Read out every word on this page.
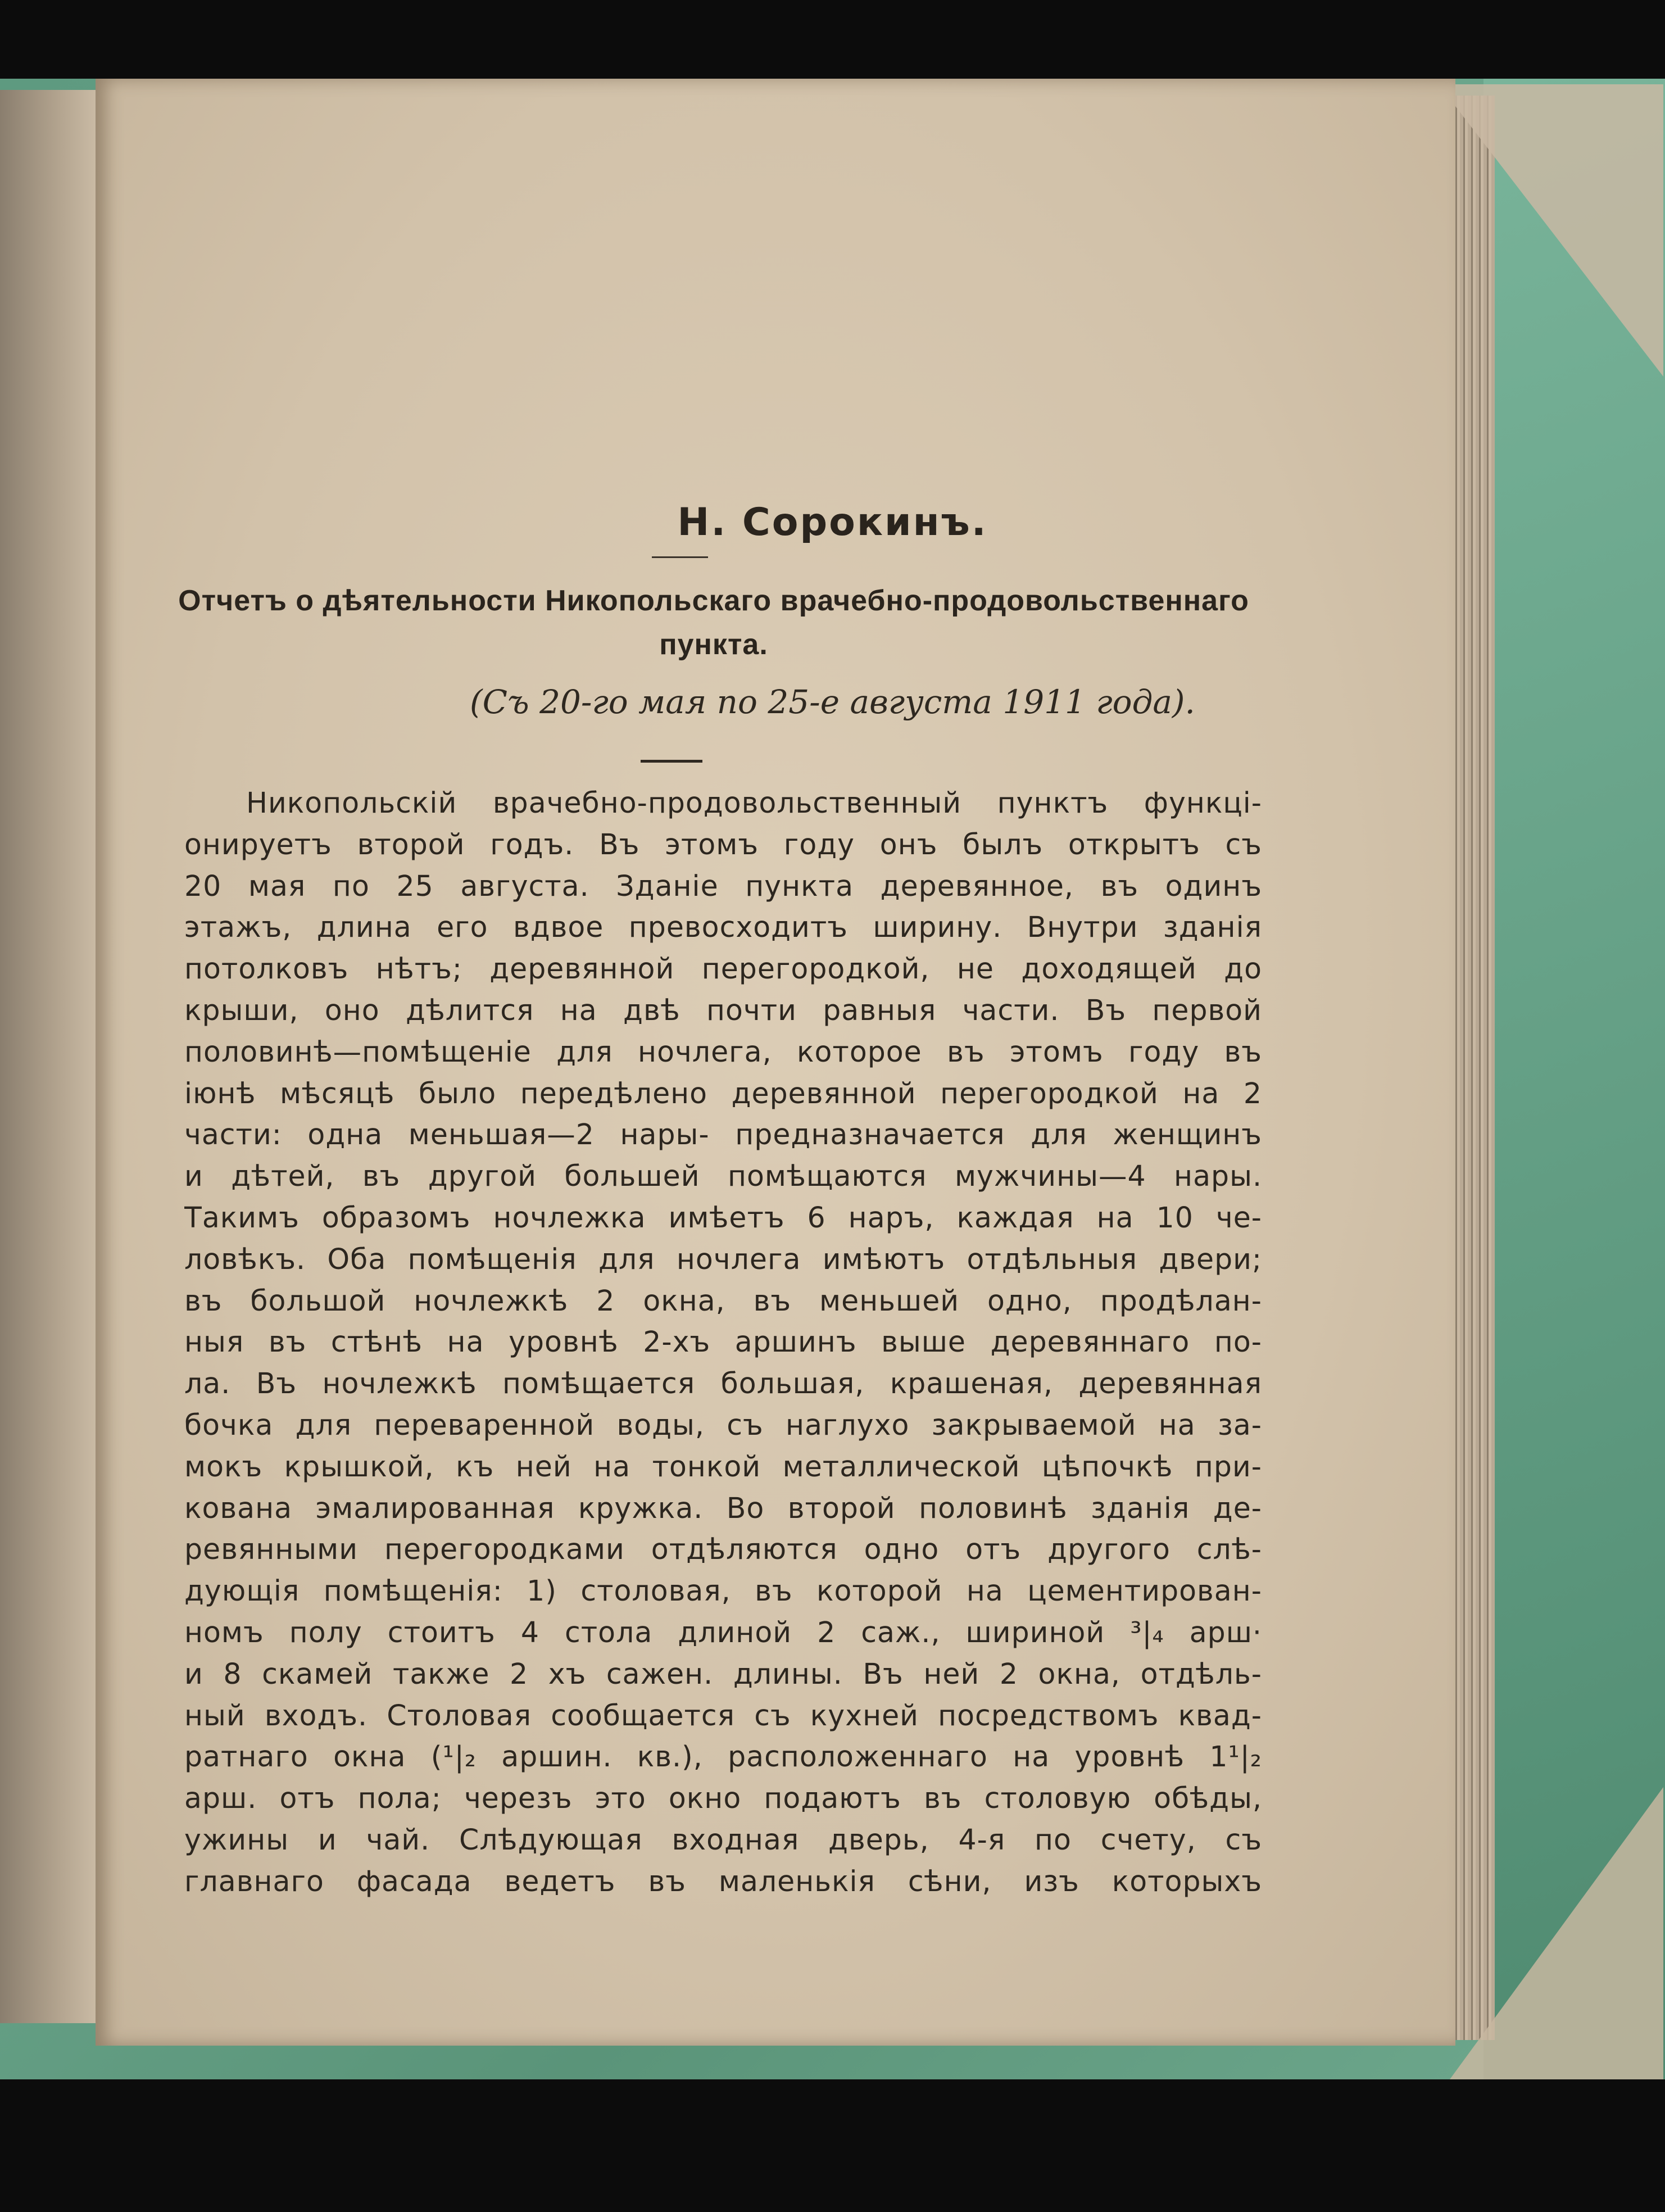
Н. Сорокинъ.
Отчетъ о дѣятельности Никопольскаго врачебно-продовольственнаго пункта.
(Съ 20-го мая по 25-е августа 1911 года).
Никопольскій врачебно-продовольственный пунктъ функці-
онируетъ второй годъ. Въ этомъ году онъ былъ открытъ съ
20 мая по 25 августа. Зданіе пункта деревянное, въ одинъ
этажъ, длина его вдвое превосходитъ ширину. Внутри зданія
потолковъ нѣтъ; деревянной перегородкой, не доходящей до
крыши, оно дѣлится на двѣ почти равныя части. Въ первой
половинѣ—помѣщеніе для ночлега, которое въ этомъ году въ
іюнѣ мѣсяцѣ было передѣлено деревянной перегородкой на 2
части: одна меньшая—2 нары- предназначается для женщинъ
и дѣтей, въ другой большей помѣщаются мужчины—4 нары.
Такимъ образомъ ночлежка имѣетъ 6 наръ, каждая на 10 че-
ловѣкъ. Оба помѣщенія для ночлега имѣютъ отдѣльныя двери;
въ большой ночлежкѣ 2 окна, въ меньшей одно, продѣлан-
ныя въ стѣнѣ на уровнѣ 2-хъ аршинъ выше деревяннаго по-
ла. Въ ночлежкѣ помѣщается большая, крашеная, деревянная
бочка для переваренной воды, съ наглухо закрываемой на за-
мокъ крышкой, къ ней на тонкой металлической цѣпочкѣ при-
кована эмалированная кружка. Во второй половинѣ зданія де-
ревянными перегородками отдѣляются одно отъ другого слѣ-
дующія помѣщенія: 1) столовая, въ которой на цементирован-
номъ полу стоитъ 4 стола длиной 2 саж., шириной ³|₄ арш·
и 8 скамей также 2 хъ сажен. длины. Въ ней 2 окна, отдѣль-
ный входъ. Столовая сообщается съ кухней посредствомъ квад-
ратнаго окна (¹|₂ аршин. кв.), расположеннаго на уровнѣ 1¹|₂
арш. отъ пола; черезъ это окно подаютъ въ столовую обѣды,
ужины и чай. Слѣдующая входная дверь, 4-я по счету, съ
главнаго фасада ведетъ въ маленькія сѣни, изъ которыхъ
